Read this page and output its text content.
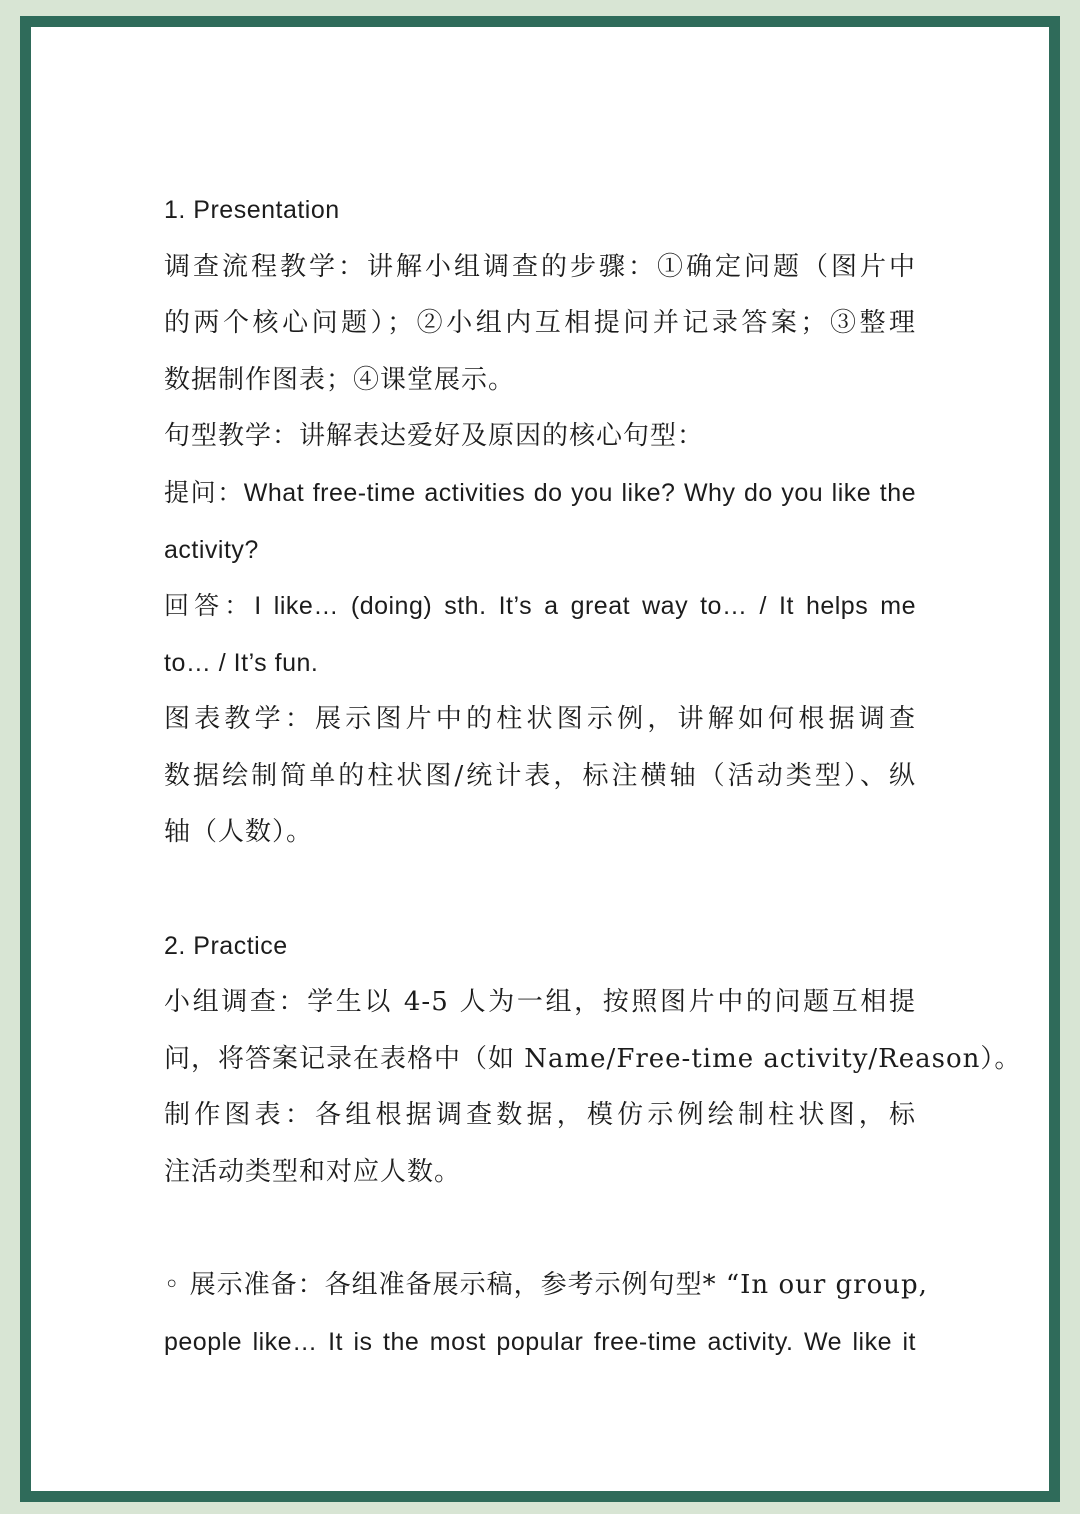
1. Presentation
调查流程教学：讲解小组调查的步骤：①确定问题（图片中
的两个核心问题）；②小组内互相提问并记录答案；③整理
数据制作图表；④课堂展示。
句型教学：讲解表达爱好及原因的核心句型：
提问：What free-time activities do you like? Why do you like the
activity?
回答：I like… (doing) sth. It’s a great way to… / It helps me
to… / It’s fun.
图表教学：展示图片中的柱状图示例，讲解如何根据调查
数据绘制简单的柱状图/统计表，标注横轴（活动类型）、纵
轴（人数）。
2. Practice
小组调查：学生以 4-5 人为一组，按照图片中的问题互相提
问，将答案记录在表格中（如 Name/Free-time activity/Reason）。
制作图表：各组根据调查数据，模仿示例绘制柱状图，标
注活动类型和对应人数。
◦ 展示准备：各组准备展示稿，参考示例句型* “In our group,
people like… It is the most popular free-time activity. We like it
